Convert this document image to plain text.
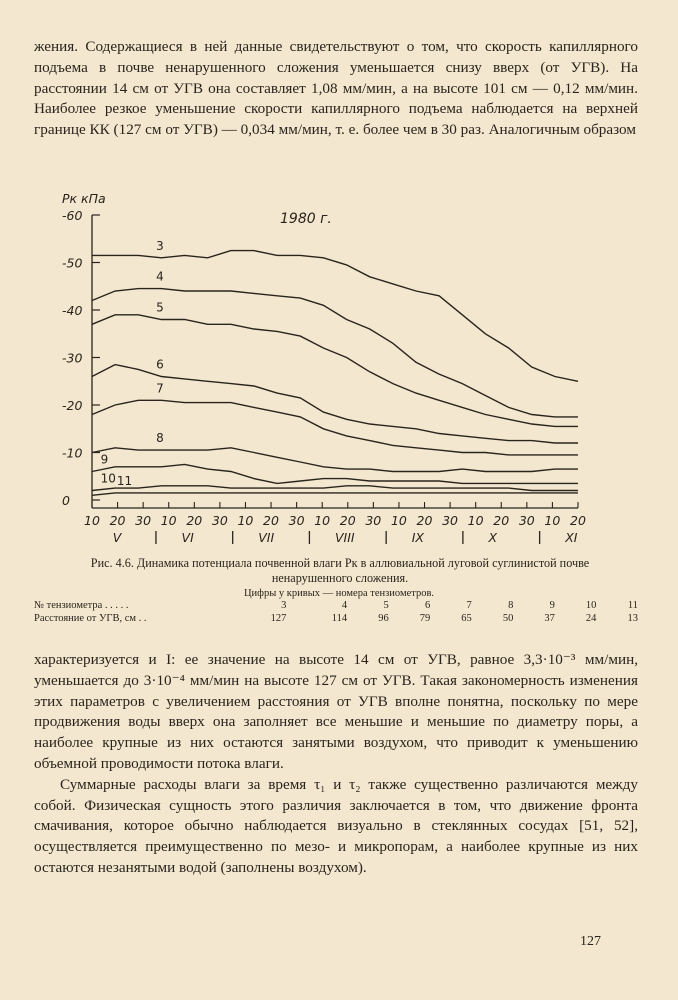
жения. Содержащиеся в ней данные свидетельствуют о том, что скорость капиллярного подъема в почве ненарушенного сложения уменьшается снизу вверх (от УГВ). На расстоянии 14 см от УГВ она составляет 1,08 мм/мин, а на высоте 101 см — 0,12 мм/мин. Наиболее резкое уменьшение скорости капиллярного подъема наблюдается на верхней границе КК (127 см от УГВ) — 0,034 мм/мин, т. е. более чем в 30 раз. Аналогичным образом

Pк кПа
1980 г.
-60
-50
-40
-30
-20
-10
0
10 20 30 10 20 30 10 20 30 10 20 30 10 20 30 10 20 30 10 20
V	VI	VII	VIII	IX	X	XI
3
4
5
6
7
8
9
10 11

Рис. 4.6. Динамика потенциала почвенной влаги Pк в аллювиальной луговой суглинистой почве ненарушенного сложения.

Цифры у кривых — номера тензиометров.
№ тензиометра . . . . .	3	4	5	6	7	8	9	10	11
Расстояние от УГВ, см . .	127	114	96	79	65	50	37	24	13

характеризуется и I: ее значение на высоте 14 см от УГВ, равное 3,3·10⁻³ мм/мин, уменьшается до 3·10⁻⁴ мм/мин на высоте 127 см от УГВ. Такая закономерность изменения этих параметров с увеличением расстояния от УГВ вполне понятна, поскольку по мере продвижения воды вверх она заполняет все меньшие и меньшие по диаметру поры, а наиболее крупные из них остаются занятыми воздухом, что приводит к уменьшению объемной проводимости потока влаги.

Суммарные расходы влаги за время τ₁ и τ₂ также существенно различаются между собой. Физическая сущность этого различия заключается в том, что движение фронта смачивания, которое обычно наблюдается визуально в стеклянных сосудах [51, 52], осуществляется преимущественно по мезо- и микропорам, а наиболее крупные из них остаются незанятыми водой (заполнены воздухом).

127
